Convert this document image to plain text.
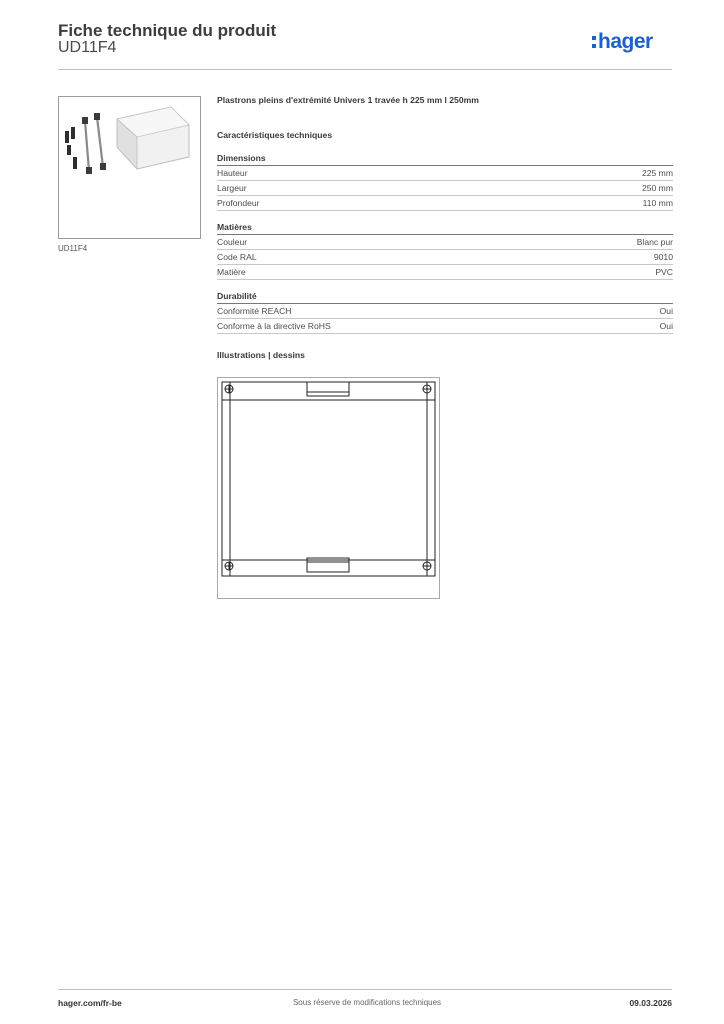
Fiche technique du produit
UD11F4	hager
UD11F4
Plastrons pleins d'extrémité Univers 1 travée h 225 mm l 250mm
Caractéristiques techniques
Dimensions
Hauteur	225 mm
Largeur	250 mm
Profondeur	110 mm
Matières
Couleur	Blanc pur
Code RAL	9010
Matière	PVC
Durabilité
Conformité REACH	Oui
Conforme à la directive RoHS	Oui
Illustrations | dessins
hager.com/fr-be	Sous réserve de modifications techniques	09.03.2026
